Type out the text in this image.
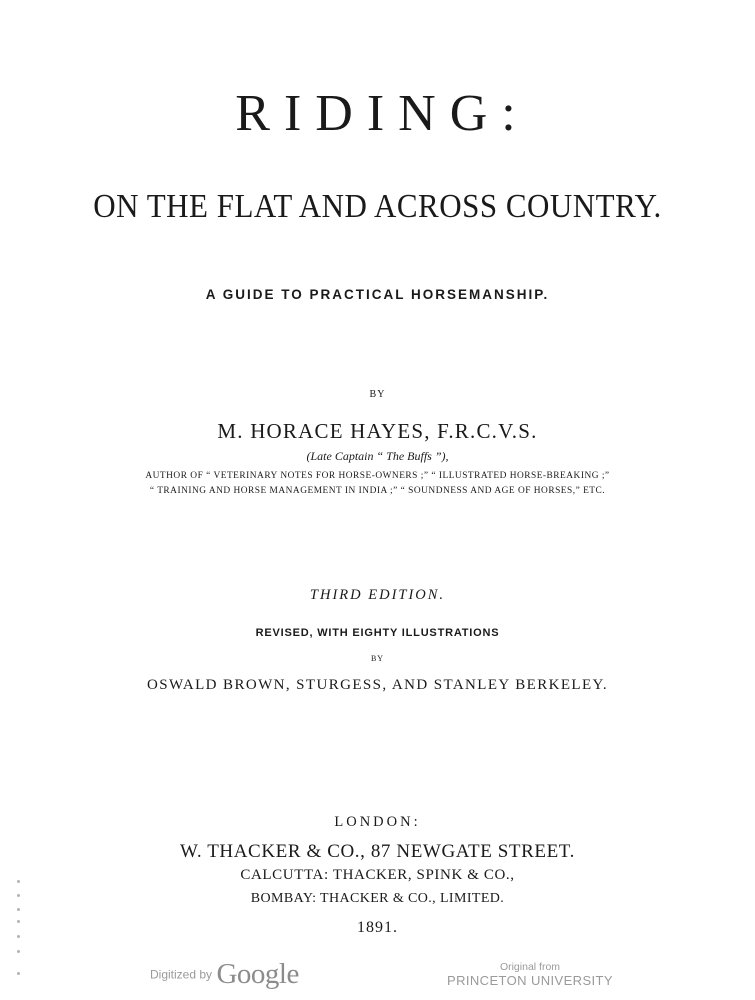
RIDING:
ON THE FLAT AND ACROSS COUNTRY.
A GUIDE TO PRACTICAL HORSEMANSHIP.
BY
M. HORACE HAYES, F.R.C.V.S.
(Late Captain “ The Buffs ”),
AUTHOR OF “ VETERINARY NOTES FOR HORSE-OWNERS ;” “ ILLUSTRATED HORSE-BREAKING ;”
“ TRAINING AND HORSE MANAGEMENT IN INDIA ;” “ SOUNDNESS AND AGE OF HORSES,” ETC.
THIRD EDITION.
REVISED, WITH EIGHTY ILLUSTRATIONS
BY
OSWALD BROWN, STURGESS, AND STANLEY BERKELEY.
LONDON:
W. THACKER & CO., 87 NEWGATE STREET.
CALCUTTA: THACKER, SPINK & CO.,
BOMBAY: THACKER & CO., LIMITED.
1891.
Digitized by Google	Original from
PRINCETON UNIVERSITY
